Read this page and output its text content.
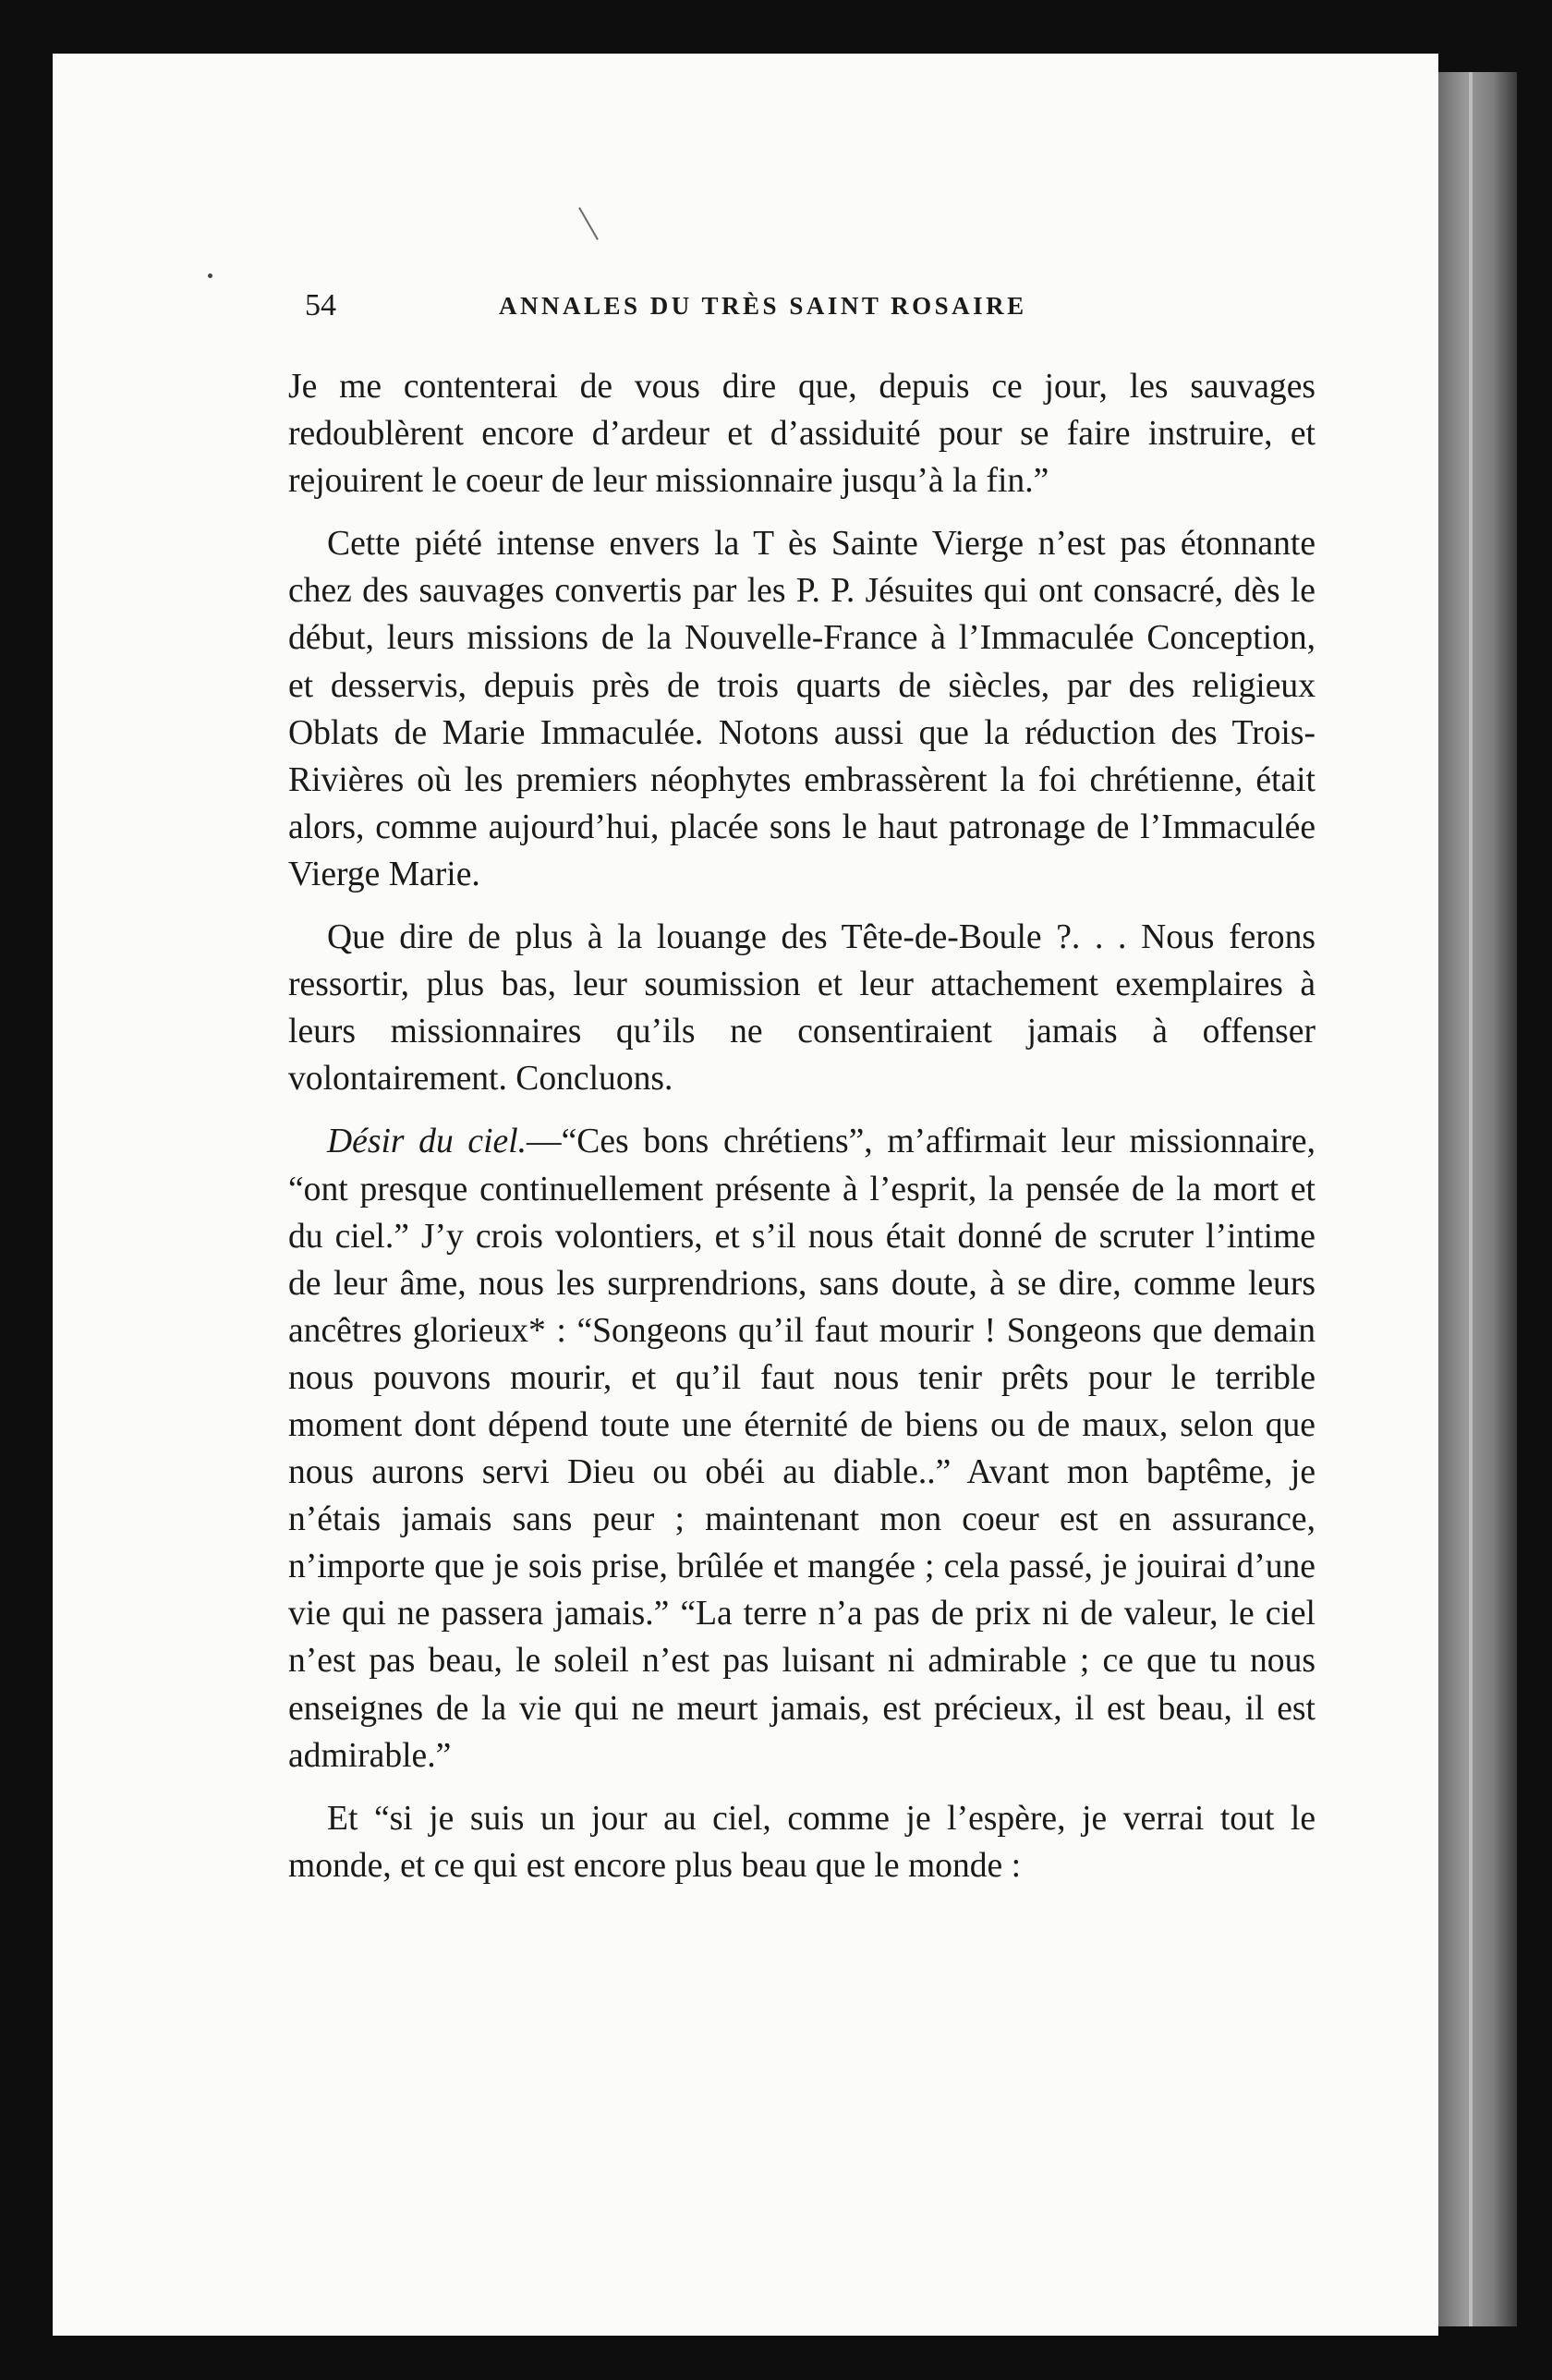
54	ANNALES DU TRÈS SAINT ROSAIRE

Je me contenterai de vous dire que, depuis ce jour, les sauvages redoublèrent encore d’ardeur et d’assiduité pour se faire instruire, et rejouirent le coeur de leur missionnaire jusqu’à la fin.”

Cette piété intense envers la T ès Sainte Vierge n’est pas étonnante chez des sauvages convertis par les P. P. Jésuites qui ont consacré, dès le début, leurs missions de la Nouvelle-France à l’Immaculée Conception, et desservis, depuis près de trois quarts de siècles, par des religieux Oblats de Marie Immaculée. Notons aussi que la réduction des Trois-Rivières où les premiers néophytes embrassèrent la foi chrétienne, était alors, comme aujourd’hui, placée sons le haut patronage de l’Immaculée Vierge Marie.

Que dire de plus à la louange des Tête-de-Boule ?. . . Nous ferons ressortir, plus bas, leur soumission et leur attachement exemplaires à leurs missionnaires qu’ils ne consentiraient jamais à offenser volontairement. Concluons.

Désir du ciel.—“Ces bons chrétiens”, m’affirmait leur missionnaire, “ont presque continuellement présente à l’esprit, la pensée de la mort et du ciel.” J’y crois volontiers, et s’il nous était donné de scruter l’intime de leur âme, nous les surprendrions, sans doute, à se dire, comme leurs ancêtres glorieux* : “Songeons qu’il faut mourir ! Songeons que demain nous pouvons mourir, et qu’il faut nous tenir prêts pour le terrible moment dont dépend toute une éternité de biens ou de maux, selon que nous aurons servi Dieu ou obéi au diable..” Avant mon baptême, je n’étais jamais sans peur ; maintenant mon coeur est en assurance, n’importe que je sois prise, brûlée et mangée ; cela passé, je jouirai d’une vie qui ne passera jamais.” “La terre n’a pas de prix ni de valeur, le ciel n’est pas beau, le soleil n’est pas luisant ni admirable ; ce que tu nous enseignes de la vie qui ne meurt jamais, est précieux, il est beau, il est admirable.”

Et “si je suis un jour au ciel, comme je l’espère, je verrai tout le monde, et ce qui est encore plus beau que le monde :
